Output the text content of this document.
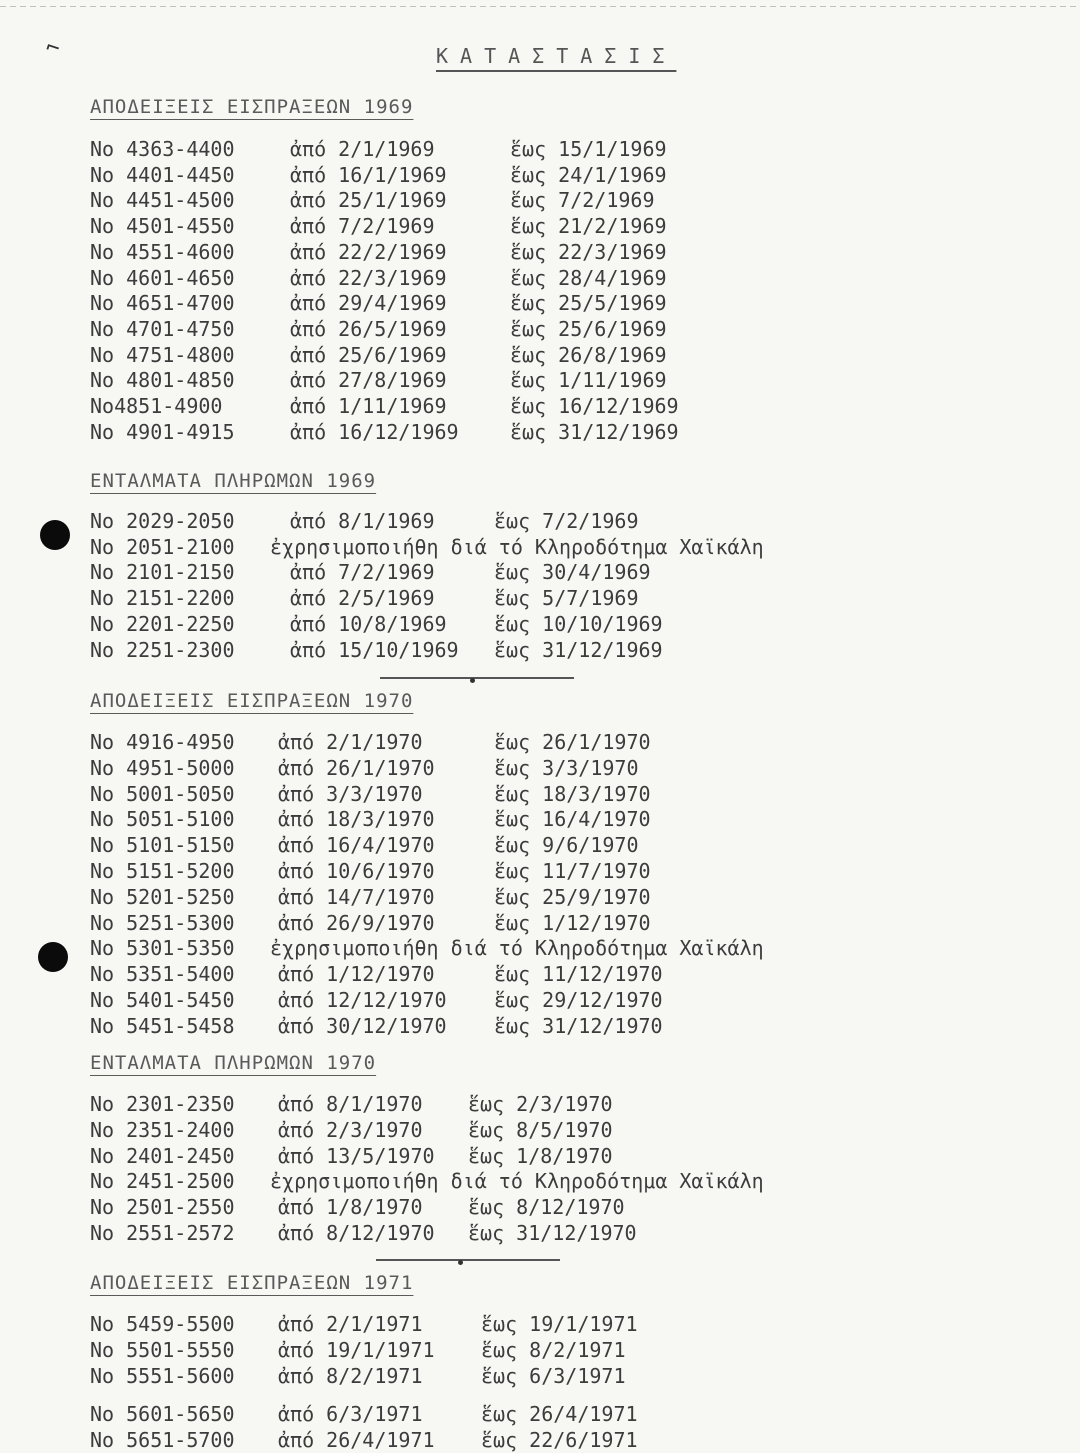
⌐	ΚΑΤΑΣΤΑΣΙΣ
ΑΠΟΔΕΙΞΕΙΣ ΕΙΣΠΡΑΞΕΩΝ 1969
ΕΝΤΑΛΜΑΤΑ ΠΛΗΡΩΜΩΝ 1969
ΑΠΟΔΕΙΞΕΙΣ ΕΙΣΠΡΑΞΕΩΝ 1970
ΕΝΤΑΛΜΑΤΑ ΠΛΗΡΩΜΩΝ 1970
ΑΠΟΔΕΙΞΕΙΣ ΕΙΣΠΡΑΞΕΩΝ 1971
No 4363-4400	ἀπό 2/1/1969	ἕως 15/1/1969
No 4401-4450	ἀπό 16/1/1969	ἕως 24/1/1969
No 4451-4500	ἀπό 25/1/1969	ἕως 7/2/1969
No 4501-4550	ἀπό 7/2/1969	ἕως 21/2/1969
No 4551-4600	ἀπό 22/2/1969	ἕως 22/3/1969
No 4601-4650	ἀπό 22/3/1969	ἕως 28/4/1969
No 4651-4700	ἀπό 29/4/1969	ἕως 25/5/1969
No 4701-4750	ἀπό 26/5/1969	ἕως 25/6/1969
No 4751-4800	ἀπό 25/6/1969	ἕως 26/8/1969
No 4801-4850	ἀπό 27/8/1969	ἕως 1/11/1969
No4851-4900	ἀπό 1/11/1969	ἕως 16/12/1969
No 4901-4915	ἀπό 16/12/1969	ἕως 31/12/1969
No 2029-2050	ἀπό 8/1/1969	ἕως 7/2/1969
No 2051-2100 ἐχρησιμοποιήθη διά τό Κληροδότημα Χαϊκάλη
No 2101-2150	ἀπό 7/2/1969	ἕως 30/4/1969
No 2151-2200	ἀπό 2/5/1969	ἕως 5/7/1969
No 2201-2250	ἀπό 10/8/1969 ἕως 10/10/1969
No 2251-2300	ἀπό 15/10/1969 ἕως 31/12/1969
No 4916-4950 ἀπό 2/1/1970	ἕως 26/1/1970
No 4951-5000 ἀπό 26/1/1970	ἕως 3/3/1970
No 5001-5050 ἀπό 3/3/1970	ἕως 18/3/1970
No 5051-5100 ἀπό 18/3/1970	ἕως 16/4/1970
No 5101-5150 ἀπό 16/4/1970	ἕως 9/6/1970
No 5151-5200 ἀπό 10/6/1970	ἕως 11/7/1970
No 5201-5250 ἀπό 14/7/1970	ἕως 25/9/1970
No 5251-5300 ἀπό 26/9/1970	ἕως 1/12/1970
No 5301-5350 ἐχρησιμοποιήθη διά τό Κληροδότημα Χαϊκάλη
No 5351-5400 ἀπό 1/12/1970	ἕως 11/12/1970
No 5401-5450 ἀπό 12/12/1970 ἕως 29/12/1970
No 5451-5458 ἀπό 30/12/1970 ἕως 31/12/1970
No 2301-2350 ἀπό 8/1/1970 ἕως 2/3/1970
No 2351-2400 ἀπό 2/3/1970 ἕως 8/5/1970
No 2401-2450 ἀπό 13/5/1970 ἕως 1/8/1970
No 2451-2500 ἐχρησιμοποιήθη διά τό Κληροδότημα Χαϊκάλη
No 2501-2550 ἀπό 1/8/1970 ἕως 8/12/1970
No 2551-2572 ἀπό 8/12/1970 ἕως 31/12/1970
No 5459-5500 ἀπό 2/1/1971	ἕως 19/1/1971
No 5501-5550 ἀπό 19/1/1971 ἕως 8/2/1971
No 5551-5600 ἀπό 8/2/1971	ἕως 6/3/1971
No 5601-5650 ἀπό 6/3/1971	ἕως 26/4/1971
No 5651-5700 ἀπό 26/4/1971 ἕως 22/6/1971
